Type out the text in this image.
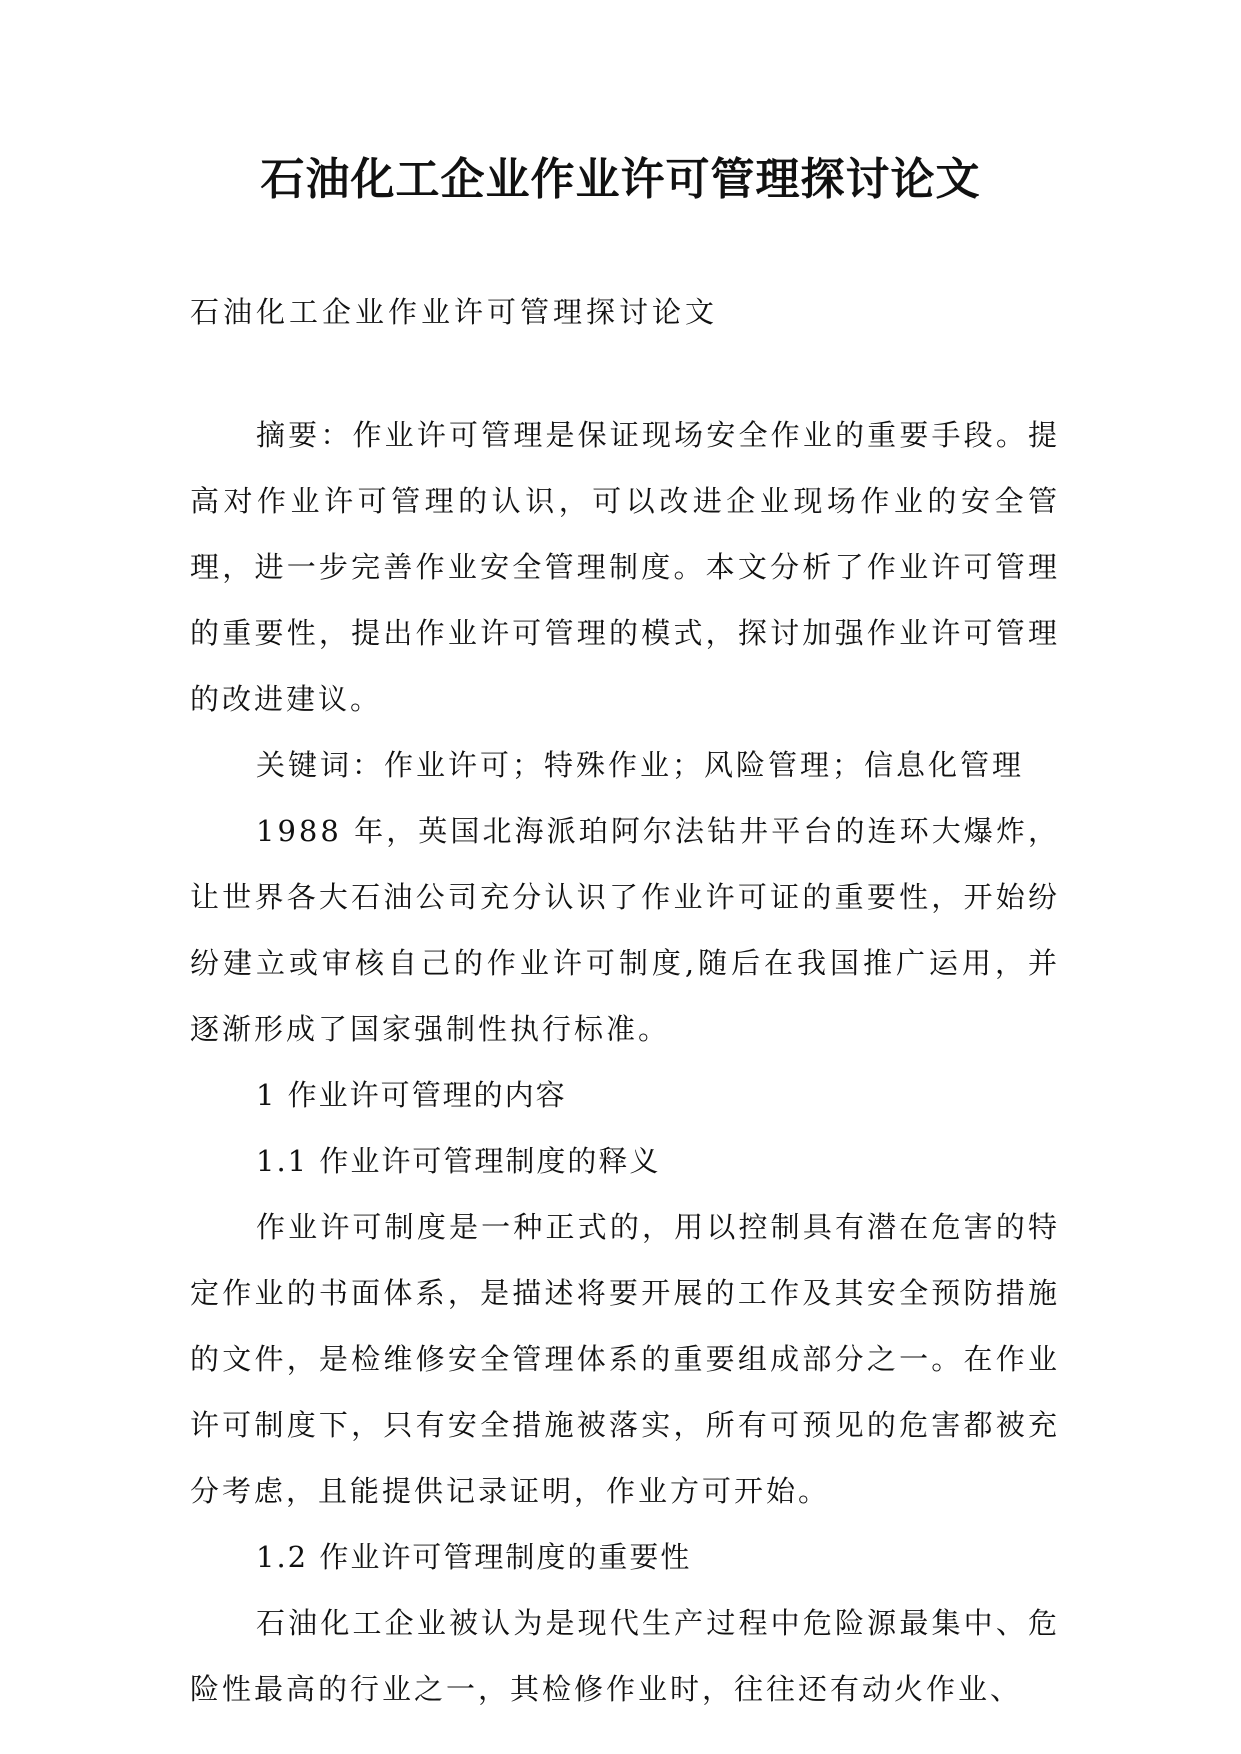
石油化工企业作业许可管理探讨论文

石油化工企业作业许可管理探讨论文

摘要：作业许可管理是保证现场安全作业的重要手段。提高对作业许可管理的认识，可以改进企业现场作业的安全管理，进一步完善作业安全管理制度。本文分析了作业许可管理的重要性，提出作业许可管理的模式，探讨加强作业许可管理的改进建议。

关键词：作业许可；特殊作业；风险管理；信息化管理

1988 年，英国北海派珀阿尔法钻井平台的连环大爆炸，让世界各大石油公司充分认识了作业许可证的重要性，开始纷纷建立或审核自己的作业许可制度,随后在我国推广运用，并逐渐形成了国家强制性执行标准。

1 作业许可管理的内容

1.1 作业许可管理制度的释义

作业许可制度是一种正式的，用以控制具有潜在危害的特定作业的书面体系，是描述将要开展的工作及其安全预防措施的文件，是检维修安全管理体系的重要组成部分之一。在作业许可制度下，只有安全措施被落实，所有可预见的危害都被充分考虑，且能提供记录证明，作业方可开始。

1.2 作业许可管理制度的重要性

石油化工企业被认为是现代生产过程中危险源最集中、危险性最高的行业之一，其检修作业时，往往还有动火作业、
